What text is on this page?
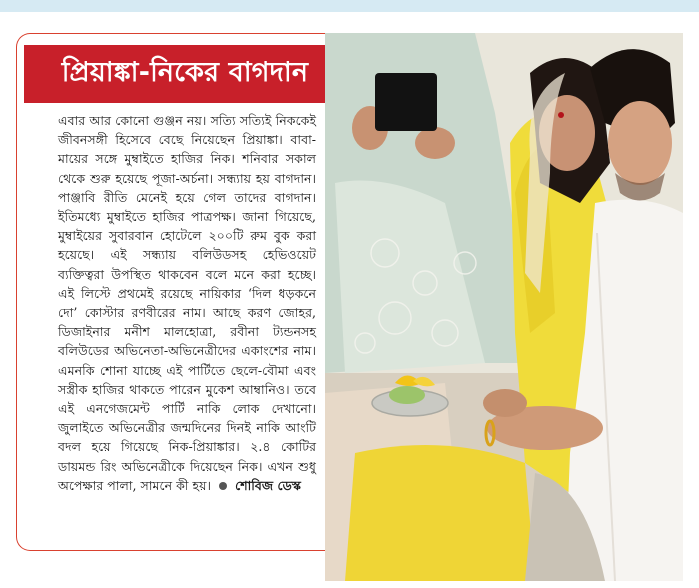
প্রিয়াঙ্কা-নিকের বাগদান
এবার আর কোনো গুঞ্জন নয়। সত্যি সত্যিই নিককেই জীবনসঙ্গী হিসেবে বেছে নিয়েছেন প্রিয়াঙ্কা। বাবা-মায়ের সঙ্গে মুম্বাইতে হাজির নিক। শনিবার সকাল থেকে শুরু হয়েছে পূজা-অর্চনা। সন্ধ্যায় হয় বাগদান। পাঞ্জাবি রীতি মেনেই হয়ে গেল তাদের বাগদান। ইতিমধ্যে মুম্বাইতে হাজির পাত্রপক্ষ। জানা গিয়েছে, মুম্বাইয়ের সুবারবান হোটেলে ২০০টি রুম বুক করা হয়েছে। এই সন্ধ্যায় বলিউডসহ হেভিওয়েট ব্যক্তিত্বরা উপস্থিত থাকবেন বলে মনে করা হচ্ছে। এই লিস্টে প্রথমেই রয়েছে নায়িকার ‘দিল ধড়কনে দো’ কোস্টার রণবীরের নাম। আছে করণ জোহর, ডিজাইনার মনীশ মালহোত্রা, রবীনা ট্যন্ডনসহ বলিউডের অভিনেতা-অভিনেত্রীদের একাংশের নাম। এমনকি শোনা যাচ্ছে এই পার্টিতে ছেলে-বৌমা এবং সস্ত্রীক হাজির থাকতে পারেন মুকেশ আম্বানিও। তবে এই এনগেজমেন্ট পার্টি নাকি লোক দেখানো। জুলাইতে অভিনেত্রীর জন্মদিনের দিনই নাকি আংটি বদল হয়ে গিয়েছে নিক-প্রিয়াঙ্কার। ২.৪ কোটির ডায়মন্ড রিং অভিনেত্রীকে দিয়েছেন নিক। এখন শুধু অপেক্ষার পালা, সামনে কী হয়। শোবিজ ডেস্ক
